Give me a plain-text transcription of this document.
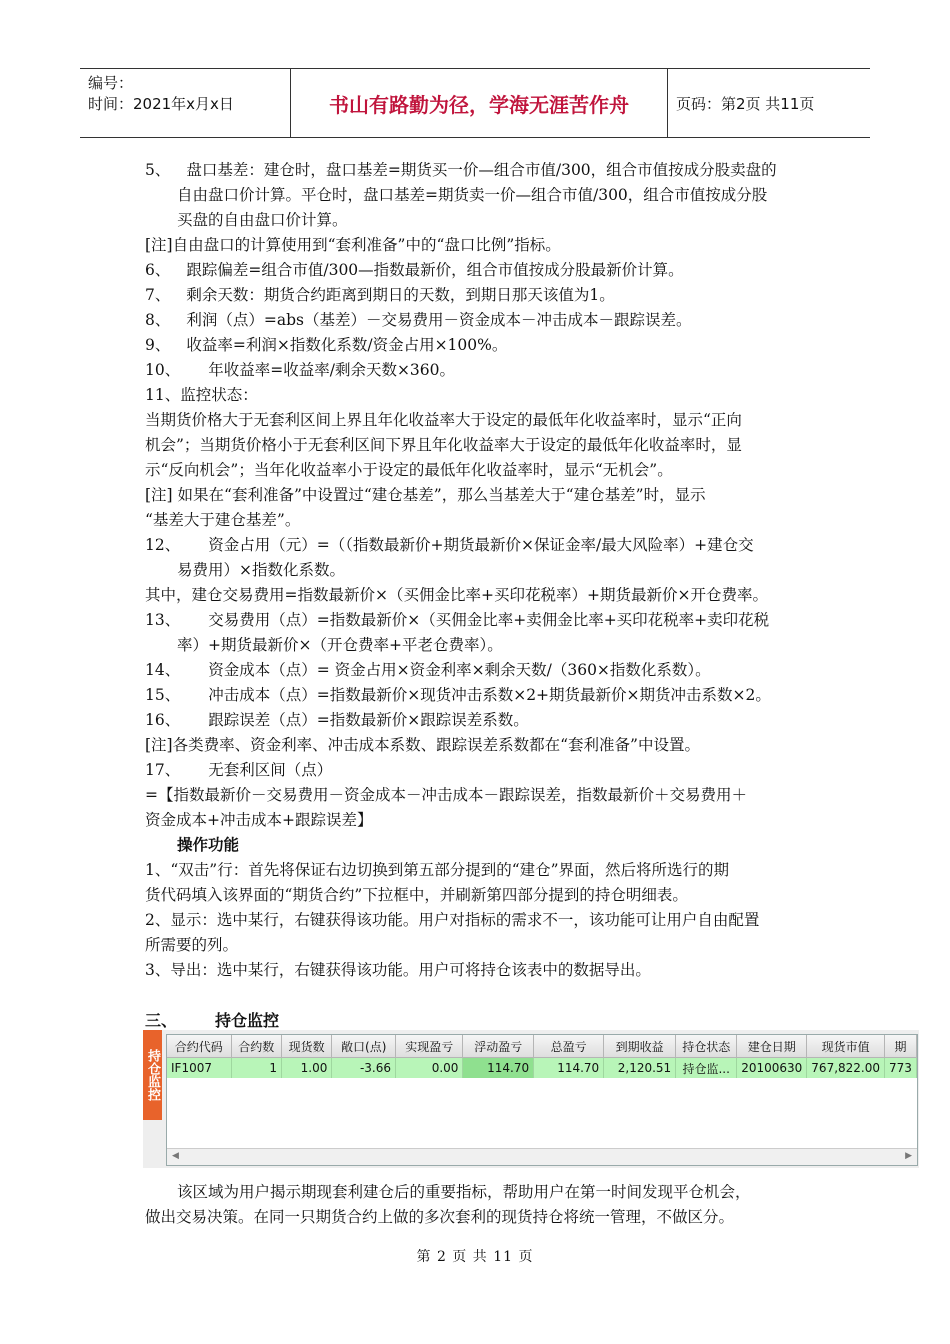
编号：
时间：2021年x月x日	书山有路勤为径，学海无涯苦作舟	页码：第2页 共11页

5、 盘口基差：建仓时，盘口基差=期货买一价—组合市值/300，组合市值按成分股卖盘的

自由盘口价计算。平仓时，盘口基差=期货卖一价—组合市值/300，组合市值按成分股

买盘的自由盘口价计算。

[注]自由盘口的计算使用到“套利准备”中的“盘口比例”指标。

6、 跟踪偏差=组合市值/300—指数最新价，组合市值按成分股最新价计算。

7、 剩余天数：期货合约距离到期日的天数，到期日那天该值为1。

8、 利润（点）=abs（基差）－交易费用－资金成本－冲击成本－跟踪误差。

9、 收益率=利润×指数化系数/资金占用×100%。

10、 年收益率=收益率/剩余天数×360。

11、监控状态：

当期货价格大于无套利区间上界且年化收益率大于设定的最低年化收益率时，显示“正向

机会”；当期货价格小于无套利区间下界且年化收益率大于设定的最低年化收益率时，显

示“反向机会”；当年化收益率小于设定的最低年化收益率时，显示“无机会”。

[注] 如果在“套利准备”中设置过“建仓基差”，那么当基差大于“建仓基差”时，显示

“基差大于建仓基差”。

12、 资金占用（元）=（（指数最新价+期货最新价×保证金率/最大风险率）+建仓交

易费用）×指数化系数。

其中，建仓交易费用=指数最新价×（买佣金比率+买印花税率）+期货最新价×开仓费率。

13、 交易费用（点）=指数最新价×（买佣金比率+卖佣金比率+买印花税率+卖印花税

率）+期货最新价×（开仓费率+平老仓费率）。

14、 资金成本（点）= 资金占用×资金利率×剩余天数/（360×指数化系数）。

15、 冲击成本（点）=指数最新价×现货冲击系数×2+期货最新价×期货冲击系数×2。

16、 跟踪误差（点）=指数最新价×跟踪误差系数。

[注]各类费率、资金利率、冲击成本系数、跟踪误差系数都在“套利准备”中设置。

17、 无套利区间（点）

=【指数最新价－交易费用－资金成本－冲击成本－跟踪误差，指数最新价＋交易费用＋

资金成本+冲击成本+跟踪误差】

操作功能

1、“双击”行：首先将保证右边切换到第五部分提到的“建仓”界面，然后将所选行的期

货代码填入该界面的“期货合约”下拉框中，并刷新第四部分提到的持仓明细表。

2、显示：选中某行，右键获得该功能。用户对指标的需求不一，该功能可让用户自由配置

所需要的列。

3、导出：选中某行，右键获得该功能。用户可将持仓该表中的数据导出。

三、 持仓监控
持仓监控
合约代码	合约数	现货数	敞口(点)	实现盈亏	浮动盈亏	总盈亏	到期收益	持仓状态	建仓日期	现货市值	期
IF1007	1	1.00	-3.66	0.00	114.70	114.70	2,120.51	持仓监...	20100630	767,822.00	773
◀	▶

该区域为用户揭示期现套利建仓后的重要指标，帮助用户在第一时间发现平仓机会，

做出交易决策。在同一只期货合约上做的多次套利的现货持仓将统一管理，不做区分。

第 2 页 共 11 页
